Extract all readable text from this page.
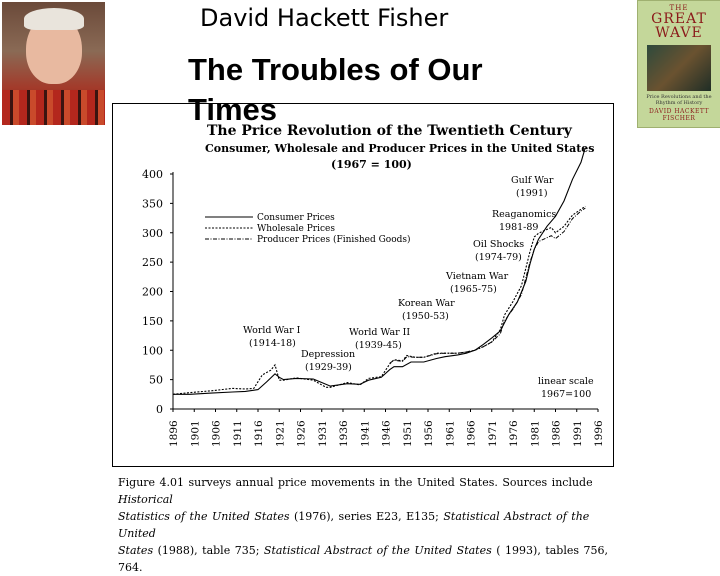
David Hackett Fisher	THE
GREAT WAVE
Price Revolutions and the Rhythm of History
DAVID HACKETT FISCHER
The Troubles of Our Times
The Price Revolution of the Twentieth Century
Consumer, Wholesale and Producer Prices in the United States
(1967 = 100)
0
50
100
150
200
250
300
350
400
1896 1901 1906 1911 1916 1921 1926 1931 1936 1941 1946 1951 1956 1961 1966 1971 1976 1981 1986 1991 1996
Consumer Prices
Wholesale Prices
Producer Prices (Finished Goods)
World War I
(1914-18)
Depression
(1929-39)
World War II
(1939-45)
Korean War
(1950-53)
Vietnam War
(1965-75)
Oil Shocks
(1974-79)
Reaganomics
1981-89
Gulf War
(1991)
linear scale
1967=100
Figure 4.01 surveys annual price movements in the United States. Sources include Historical
Statistics of the United States (1976), series E23, E135; Statistical Abstract of the United
States (1988), table 735; Statistical Abstract of the United States ( 1993), tables 756, 764.
